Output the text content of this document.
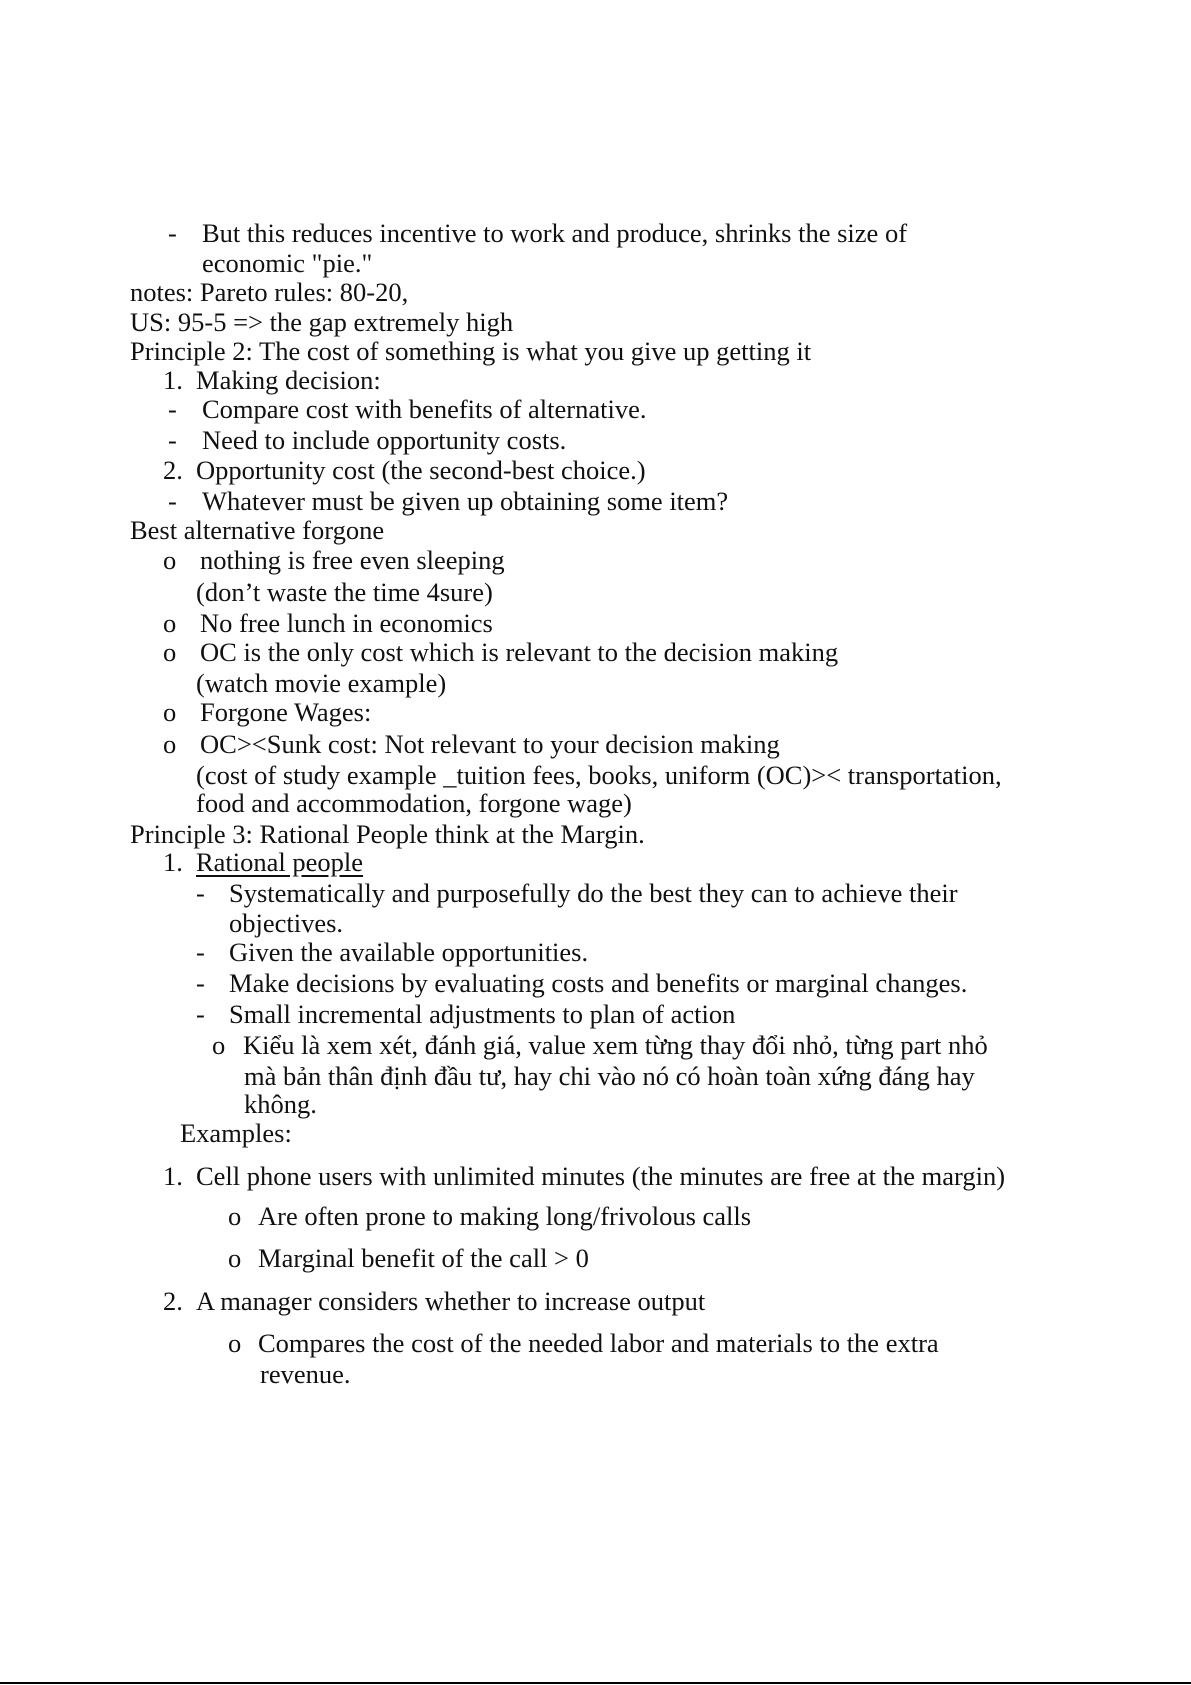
- But this reduces incentive to work and produce, shrinks the size of
economic "pie."
notes: Pareto rules: 80-20,
US: 95-5 => the gap extremely high
Principle 2: The cost of something is what you give up getting it
1. Making decision:
- Compare cost with benefits of alternative.
- Need to include opportunity costs.
2. Opportunity cost (the second-best choice.)
- Whatever must be given up obtaining some item?
Best alternative forgone
o nothing is free even sleeping
(don’t waste the time 4sure)
o No free lunch in economics
o OC is the only cost which is relevant to the decision making
(watch movie example)
o Forgone Wages:
o OC><Sunk cost: Not relevant to your decision making
(cost of study example _tuition fees, books, uniform (OC)>< transportation,
food and accommodation, forgone wage)
Principle 3: Rational People think at the Margin.
1. Rational people
- Systematically and purposefully do the best they can to achieve their
objectives.
- Given the available opportunities.
- Make decisions by evaluating costs and benefits or marginal changes.
- Small incremental adjustments to plan of action
o Kiểu là xem xét, đánh giá, value xem từng thay đổi nhỏ, từng part nhỏ
mà bản thân định đầu tư, hay chi vào nó có hoàn toàn xứng đáng hay
không.
Examples:
1. Cell phone users with unlimited minutes (the minutes are free at the margin)
o Are often prone to making long/frivolous calls
o Marginal benefit of the call > 0
2. A manager considers whether to increase output
o Compares the cost of the needed labor and materials to the extra
revenue.
